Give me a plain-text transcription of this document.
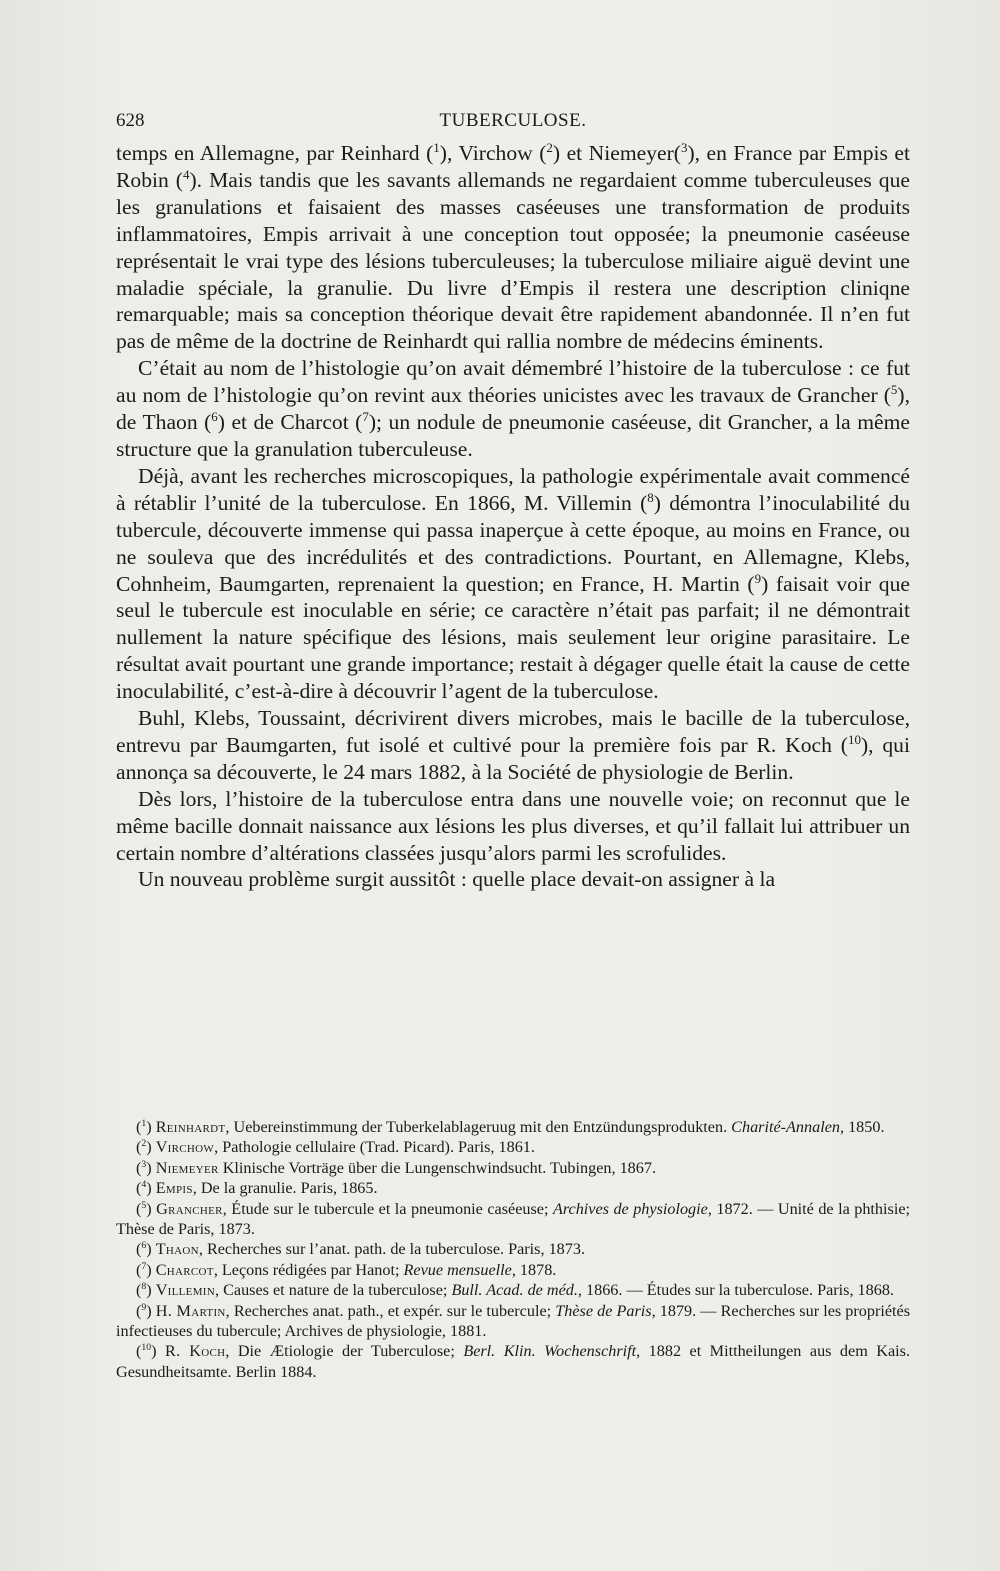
628	TUBERCULOSE.

temps en Allemagne, par Reinhard ($^1$), Virchow ($^2$) et Niemeyer($^3$), en France par Empis et Robin ($^4$). Mais tandis que les savants allemands ne regardaient comme tuberculeuses que les granulations et faisaient des masses caséeuses une transformation de produits inflammatoires, Empis arrivait à une conception tout opposée; la pneumonie caséeuse représentait le vrai type des lésions tuberculeuses; la tuberculose miliaire aiguë devint une maladie spéciale, la granulie. Du livre d’Empis il restera une description cliniqne remarquable; mais sa conception théorique devait être rapidement abandonnée. Il n’en fut pas de même de la doctrine de Reinhardt qui rallia nombre de médecins éminents.

C’était au nom de l’histologie qu’on avait démembré l’histoire de la tuberculose : ce fut au nom de l’histologie qu’on revint aux théories unicistes avec les travaux de Grancher ($^5$), de Thaon ($^6$) et de Charcot ($^7$); un nodule de pneumonie caséeuse, dit Grancher, a la même structure que la granulation tuberculeuse.

Déjà, avant les recherches microscopiques, la pathologie expérimentale avait commencé à rétablir l’unité de la tuberculose. En 1866, M. Villemin ($^8$) démontra l’inoculabilité du tubercule, découverte immense qui passa inaperçue à cette époque, au moins en France, ou ne souleva que des incrédulités et des contradictions. Pourtant, en Allemagne, Klebs, Cohnheim, Baumgarten, reprenaient la question; en France, H. Martin ($^9$) faisait voir que seul le tubercule est inoculable en série; ce caractère n’était pas parfait; il ne démontrait nullement la nature spécifique des lésions, mais seulement leur origine parasitaire. Le résultat avait pourtant une grande importance; restait à dégager quelle était la cause de cette inoculabilité, c’est-à-dire à découvrir l’agent de la tuberculose.

Buhl, Klebs, Toussaint, décrivirent divers microbes, mais le bacille de la tuberculose, entrevu par Baumgarten, fut isolé et cultivé pour la première fois par R. Koch ($^{10}$), qui annonça sa découverte, le 24 mars 1882, à la Société de physiologie de Berlin.

Dès lors, l’histoire de la tuberculose entra dans une nouvelle voie; on reconnut que le même bacille donnait naissance aux lésions les plus diverses, et qu’il fallait lui attribuer un certain nombre d’altérations classées jusqu’alors parmi les scrofulides.

Un nouveau problème surgit aussitôt : quelle place devait-on assigner à la

($^1$) Reinhardt, Uebereinstimmung der Tuberkelablageruug mit den Entzündungsprodukten. Charité-Annalen, 1850.

($^2$) Virchow, Pathologie cellulaire (Trad. Picard). Paris, 1861.

($^3$) Niemeyer Klinische Vorträge über die Lungenschwindsucht. Tubingen, 1867.

($^4$) Empis, De la granulie. Paris, 1865.

($^5$) Grancher, Étude sur le tubercule et la pneumonie caséeuse; Archives de physiologie, 1872. — Unité de la phthisie; Thèse de Paris, 1873.

($^6$) Thaon, Recherches sur l’anat. path. de la tuberculose. Paris, 1873.

($^7$) Charcot, Leçons rédigées par Hanot; Revue mensuelle, 1878.

($^8$) Villemin, Causes et nature de la tuberculose; Bull. Acad. de méd., 1866. — Études sur la tuberculose. Paris, 1868.

($^9$) H. Martin, Recherches anat. path., et expér. sur le tubercule; Thèse de Paris, 1879. — Recherches sur les propriétés infectieuses du tubercule; Archives de physiologie, 1881.

($^{10}$) R. Koch, Die Ætiologie der Tuberculose; Berl. Klin. Wochenschrift, 1882 et Mittheilungen aus dem Kais. Gesundheitsamte. Berlin 1884.
